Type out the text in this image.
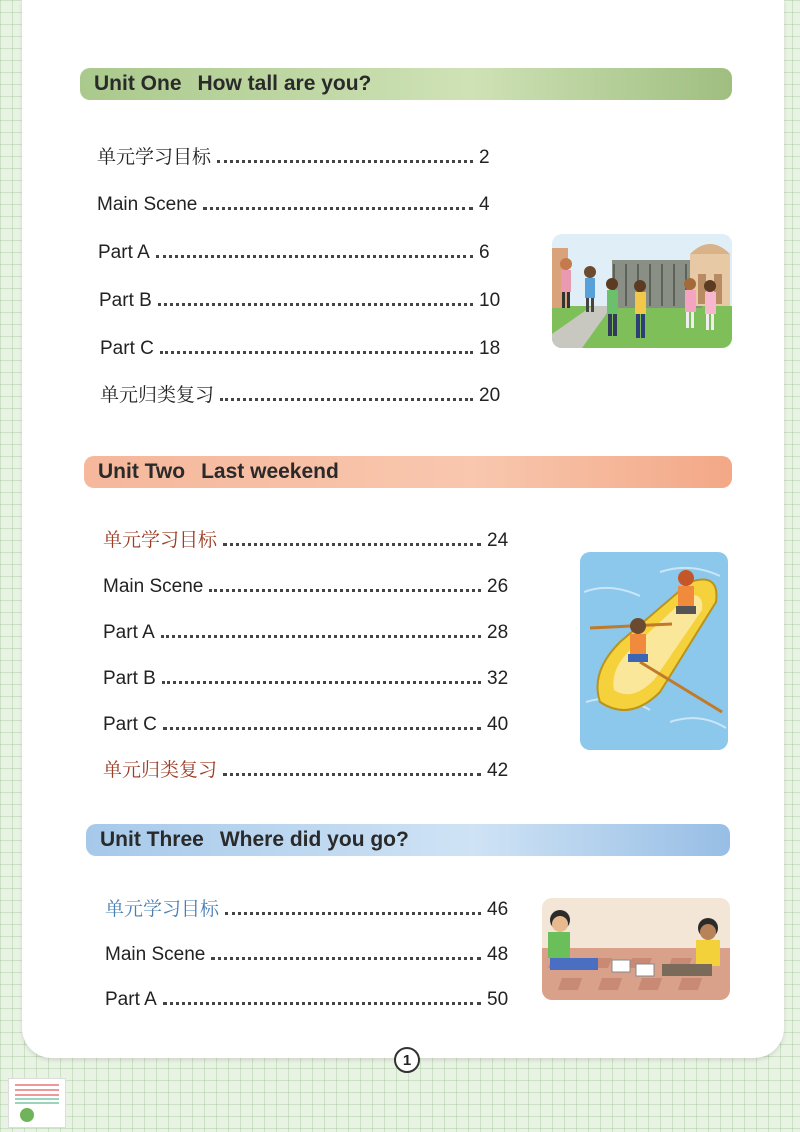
Unit One How tall are you?
单元学习目标	2
Main Scene	4
Part A	6
Part B	10
Part C	18
单元归类复习	20
Unit Two Last weekend
单元学习目标	24
Main Scene	26
Part A	28
Part B	32
Part C	40
单元归类复习	42
Unit Three Where did you go?
单元学习目标	46
Main Scene	48
Part A	50
1
